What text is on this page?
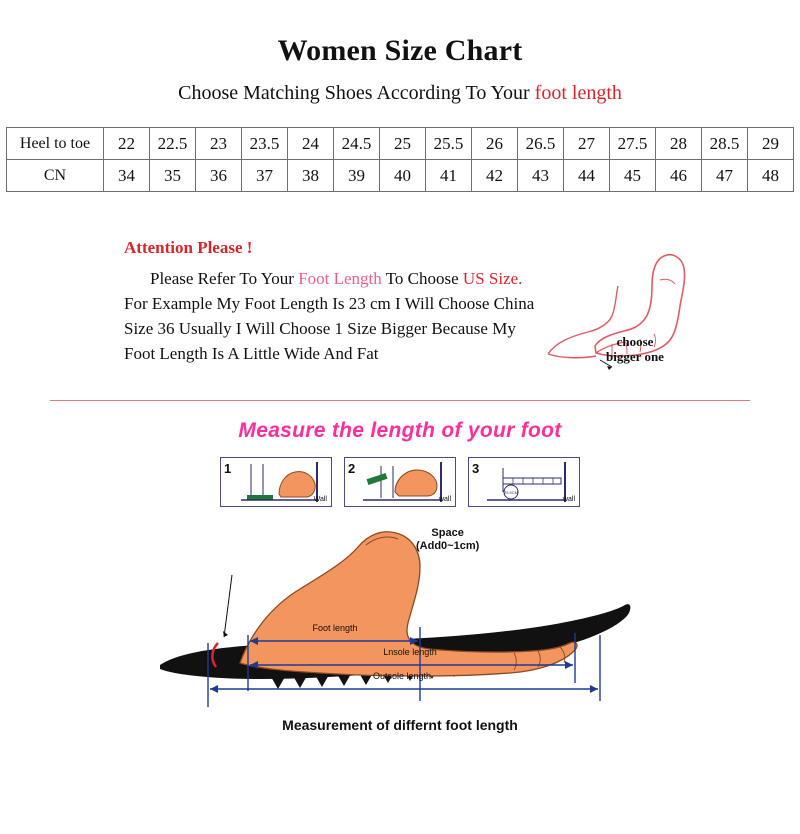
Women Size Chart
Choose Matching Shoes According To Your foot length
Heel to toe	22	22.5	23	23.5	24	24.5	25	25.5	26	26.5	27	27.5	28	28.5	29
CN	34	35	36	37	38	39	40	41	42	43	44	45	46	47	48
Attention Please !
Please Refer To Your Foot Length To Choose US Size.
For Example My Foot Length Is 23 cm I Will Choose China
Size 36 Usually I Will Choose 1 Size Bigger Because My
Foot Length Is A Little Wide And Fat
choose
bigger one
Measure the length of your foot
1
Wall
2
wall
3
25.5CM
wall
Space
(Add0~1cm)
Foot length
Lnsole length
Outsole length
Measurement of differnt foot length
